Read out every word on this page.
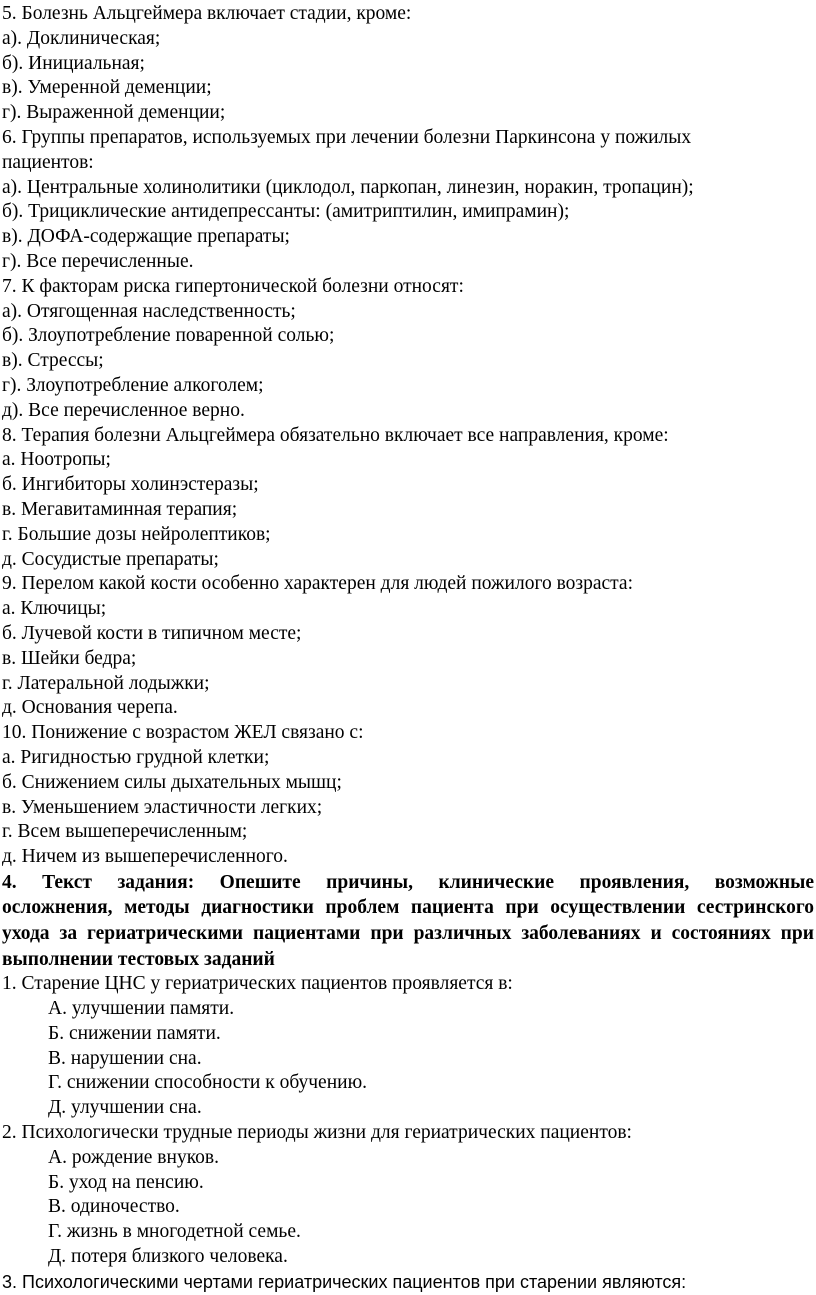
5. Болезнь Альцгеймера включает стадии, кроме:
а). Доклиническая;
б). Инициальная;
в). Умеренной деменции;
г). Выраженной деменции;
6. Группы препаратов, используемых при лечении болезни Паркинсона у пожилых
пациентов:
а). Центральные холинолитики (циклодол, паркопан, линезин, норакин, тропацин);
б). Трициклические антидепрессанты: (амитриптилин, имипрамин);
в). ДОФА-содержащие препараты;
г). Все перечисленные.
7. К факторам риска гипертонической болезни относят:
а). Отягощенная наследственность;
б). Злоупотребление поваренной солью;
в). Стрессы;
г). Злоупотребление алкоголем;
д). Все перечисленное верно.
8. Терапия болезни Альцгеймера обязательно включает все направления, кроме:
а. Ноотропы;
б. Ингибиторы холинэстеразы;
в. Мегавитаминная терапия;
г. Большие дозы нейролептиков;
д. Сосудистые препараты;
9. Перелом какой кости особенно характерен для людей пожилого возраста:
а. Ключицы;
б. Лучевой кости в типичном месте;
в. Шейки бедра;
г. Латеральной лодыжки;
д. Основания черепа.
10. Понижение с возрастом ЖЕЛ связано с:
а. Ригидностью грудной клетки;
б. Снижением силы дыхательных мышц;
в. Уменьшением эластичности легких;
г. Всем вышеперечисленным;
д. Ничем из вышеперечисленного.
4. Текст задания: Опешите причины, клинические проявления, возможные
осложнения, методы диагностики проблем пациента при осуществлении сестринского
ухода за гериатрическими пациентами при различных заболеваниях и состояниях при
выполнении тестовых заданий
1. Старение ЦНС у гериатрических пациентов проявляется в:
А. улучшении памяти.
Б. снижении памяти.
В. нарушении сна.
Г. снижении способности к обучению.
Д. улучшении сна.
2. Психологически трудные периоды жизни для гериатрических пациентов:
А. рождение внуков.
Б. уход на пенсию.
В. одиночество.
Г. жизнь в многодетной семье.
Д. потеря близкого человека.
3. Психологическими чертами гериатрических пациентов при старении являются:
